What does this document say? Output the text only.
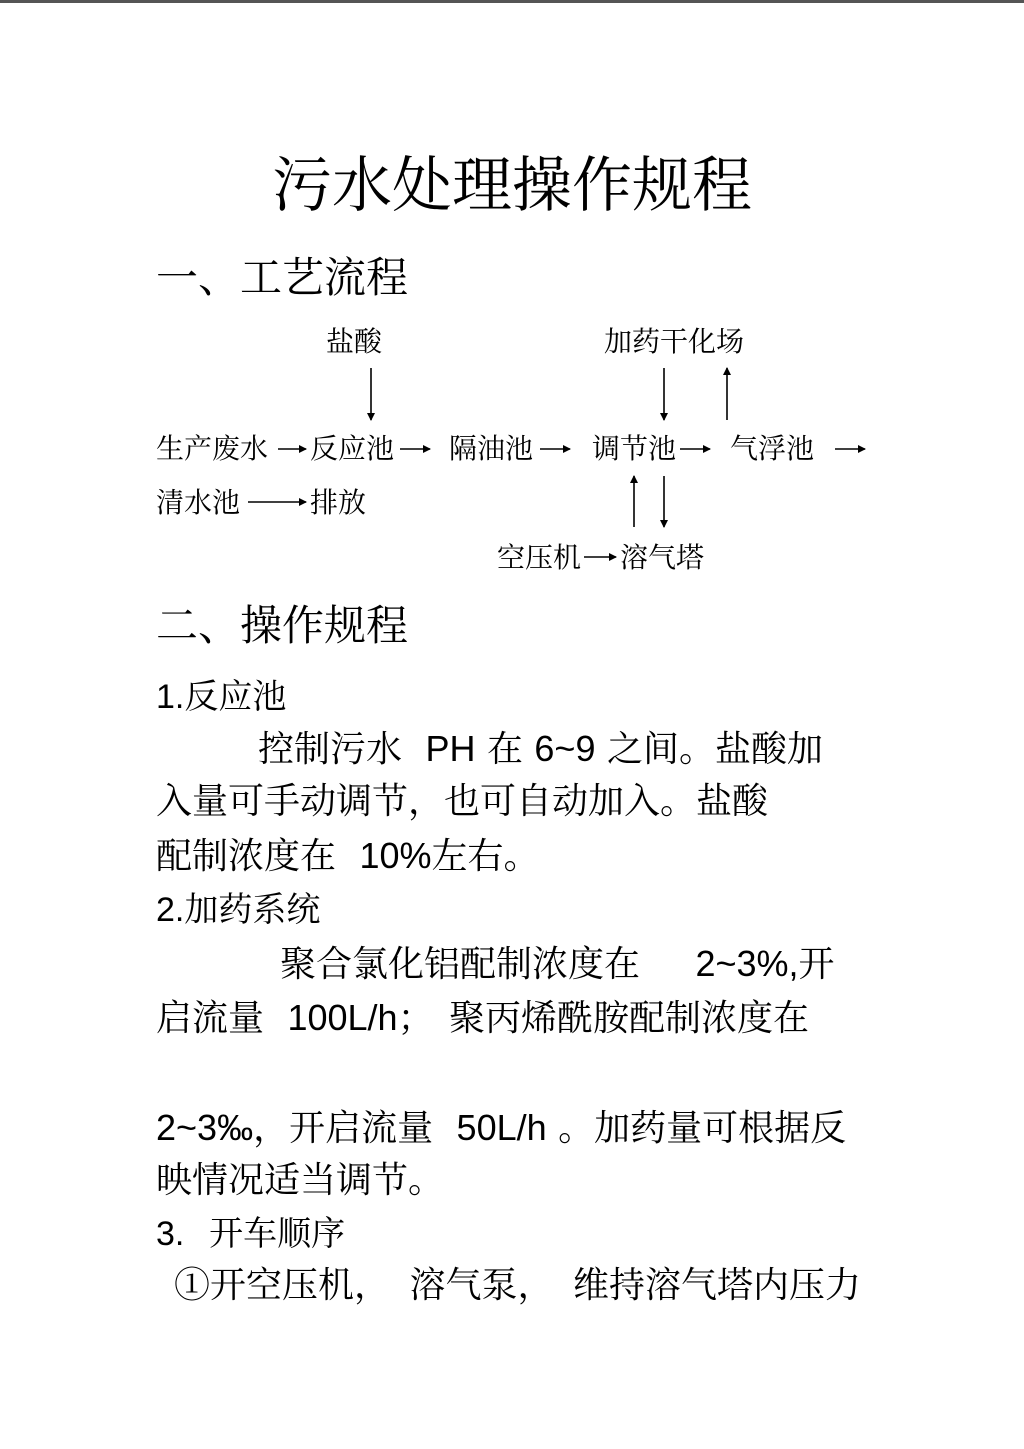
污水处理操作规程
一、工艺流程
盐酸	加药干化场
生产废水 反应池 隔油池 调节池 气浮池
清水池 排放
空压机 溶气塔
二、操作规程
1.反应池
控制污水 PH 在 6~9 之间。盐酸加
入量可手动调节，也可自动加入。盐酸
配制浓度在 10%左右。
2.加药系统
聚合氯化铝配制浓度在 2~3%,开
启流量 100L/h； 聚丙烯酰胺配制浓度在
2~3‰，开启流量 50L/h 。加药量可根据反
映情况适当调节。
3. 开车顺序
①开空压机， 溶气泵， 维持溶气塔内压力
